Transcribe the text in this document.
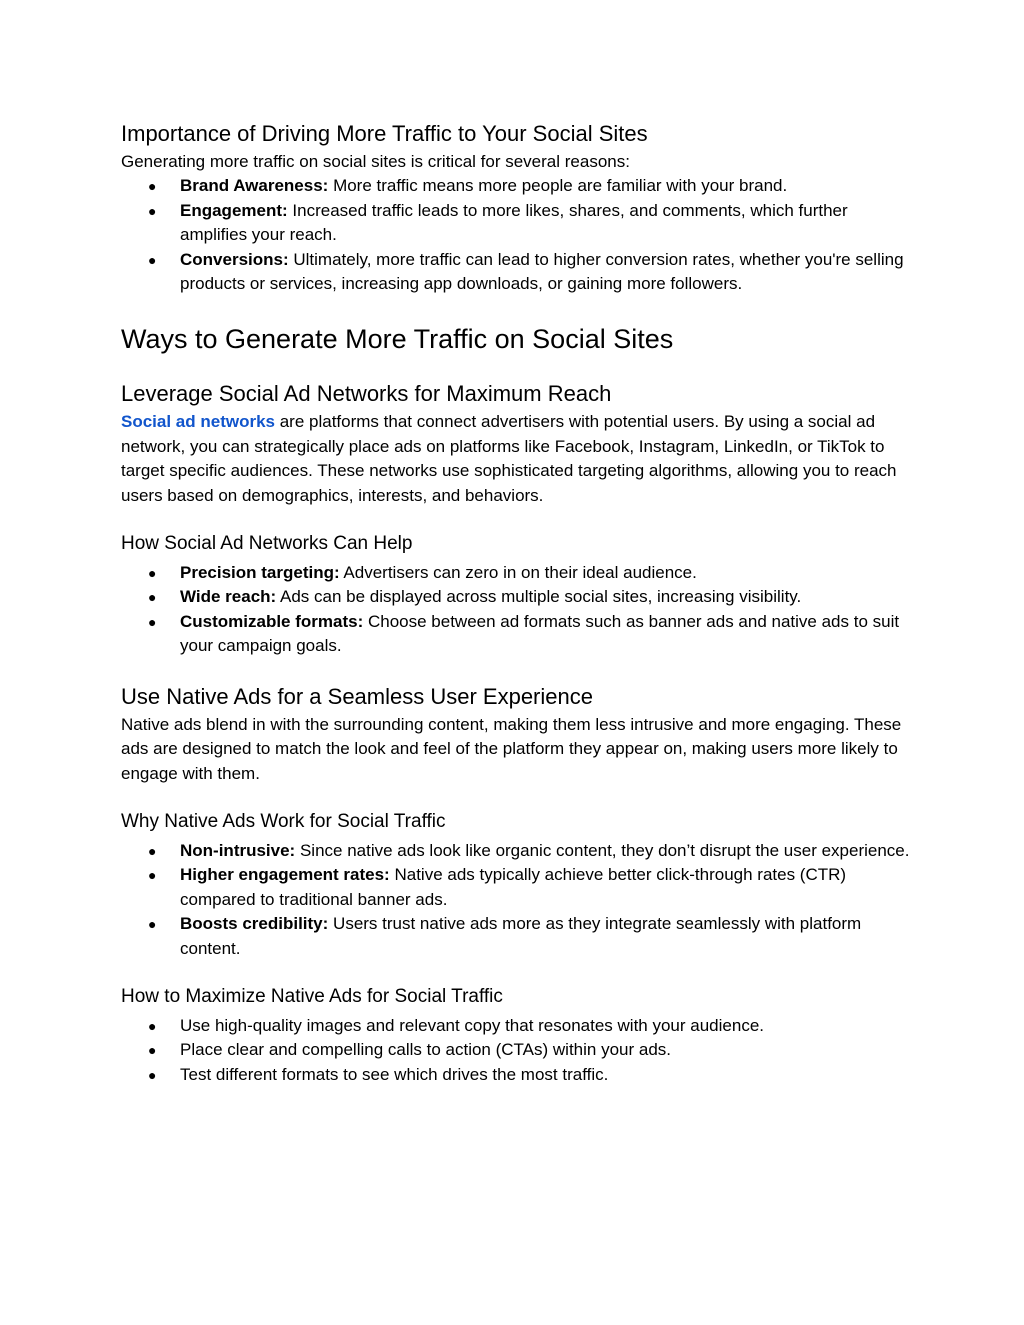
Importance of Driving More Traffic to Your Social Sites

Generating more traffic on social sites is critical for several reasons:

● Brand Awareness: More traffic means more people are familiar with your brand.
● Engagement: Increased traffic leads to more likes, shares, and comments, which further amplifies your reach.
● Conversions: Ultimately, more traffic can lead to higher conversion rates, whether you're selling products or services, increasing app downloads, or gaining more followers.
Ways to Generate More Traffic on Social Sites
Leverage Social Ad Networks for Maximum Reach

Social ad networks are platforms that connect advertisers with potential users. By using a social ad network, you can strategically place ads on platforms like Facebook, Instagram, LinkedIn, or TikTok to target specific audiences. These networks use sophisticated targeting algorithms, allowing you to reach users based on demographics, interests, and behaviors.

How Social Ad Networks Can Help
● Precision targeting: Advertisers can zero in on their ideal audience.
● Wide reach: Ads can be displayed across multiple social sites, increasing visibility.
● Customizable formats: Choose between ad formats such as banner ads and native ads to suit your campaign goals.
Use Native Ads for a Seamless User Experience

Native ads blend in with the surrounding content, making them less intrusive and more engaging. These ads are designed to match the look and feel of the platform they appear on, making users more likely to engage with them.

Why Native Ads Work for Social Traffic
● Non-intrusive: Since native ads look like organic content, they don’t disrupt the user experience.
● Higher engagement rates: Native ads typically achieve better click-through rates (CTR) compared to traditional banner ads.
● Boosts credibility: Users trust native ads more as they integrate seamlessly with platform content.
How to Maximize Native Ads for Social Traffic
● Use high-quality images and relevant copy that resonates with your audience.
● Place clear and compelling calls to action (CTAs) within your ads.
● Test different formats to see which drives the most traffic.
